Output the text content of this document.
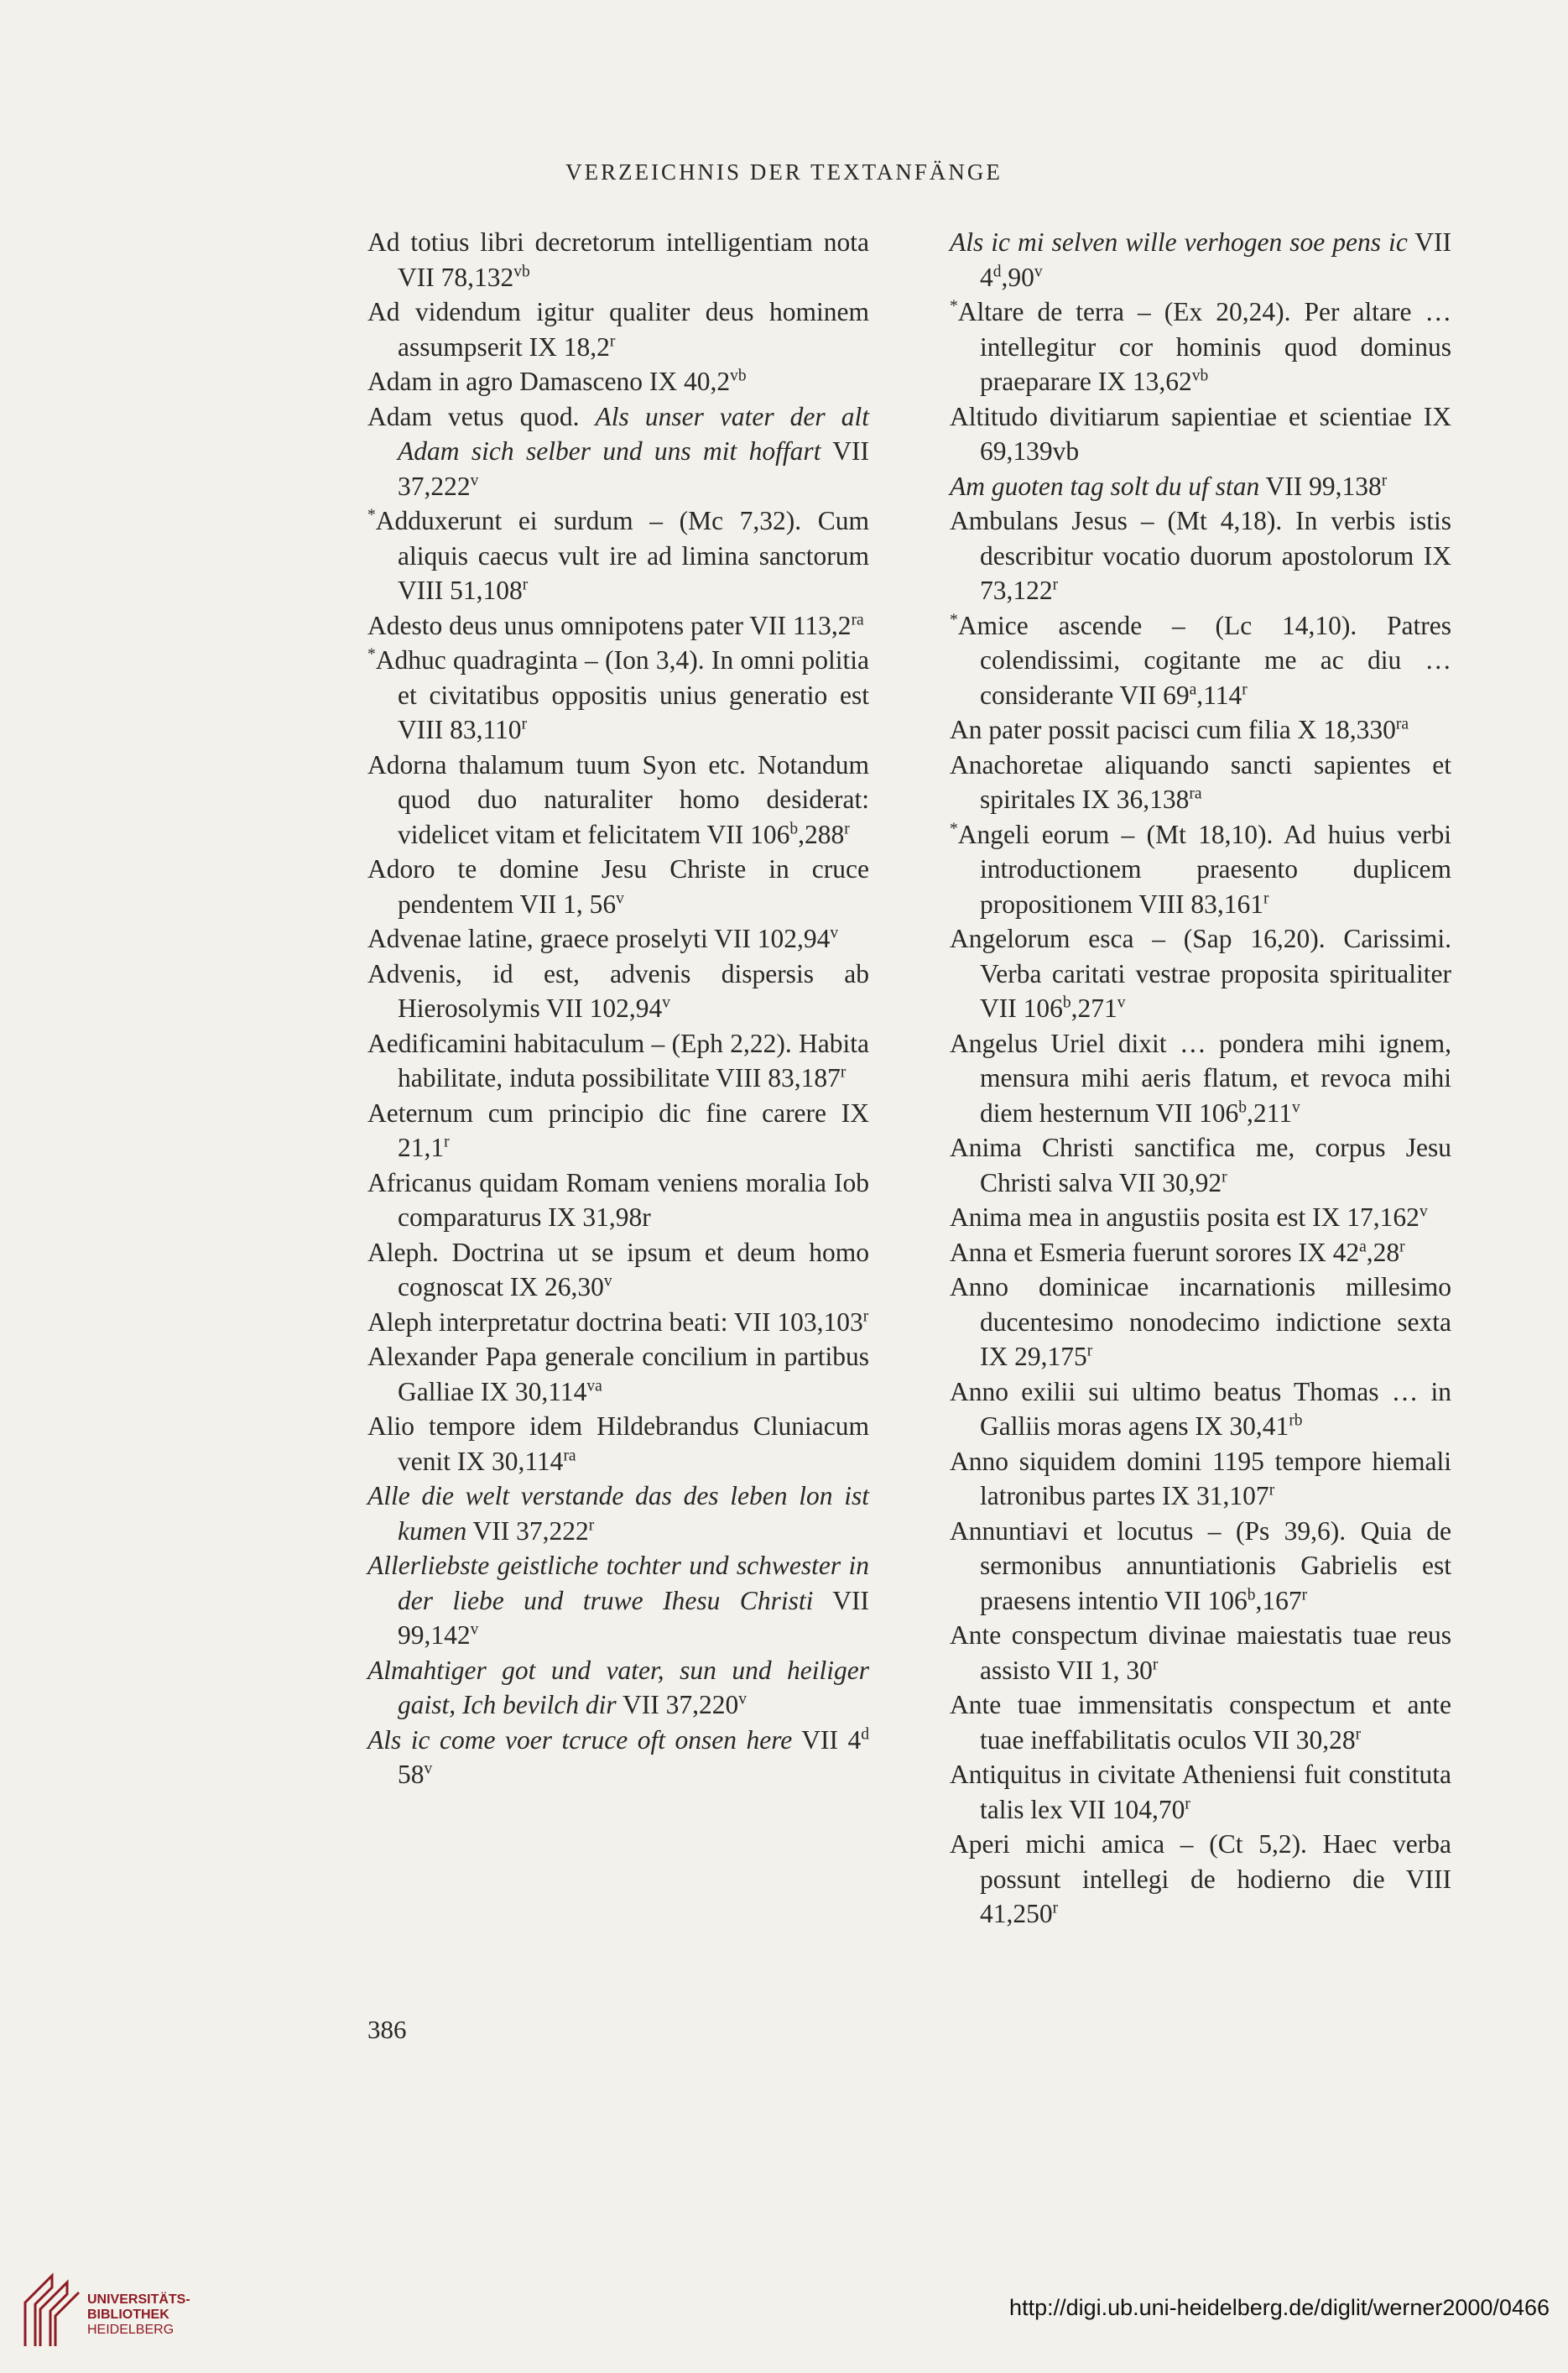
VERZEICHNIS DER TEXTANFÄNGE
Ad totius libri decretorum intelligentiam nota VII $78,132^{vb}$
Ad videndum igitur qualiter deus hominem assumpserit IX 18,2$^r$
Adam in agro Damasceno IX $40,2^{vb}$
Adam vetus quod. Als unser vater der alt Adam sich selber und uns mit hoffart VII 37,222$^v$
*Adduxerunt ei surdum – (Mc 7,32). Cum aliquis caecus vult ire ad limina sanctorum VIII 51,108$^r$
Adesto deus unus omnipotens pater VII $113,2^{ra}$
*Adhuc quadraginta – (Ion 3,4). In omni politia et civitatibus oppositis unius generatio est VIII 83,110$^r$
Adorna thalamum tuum Syon etc. Notandum quod duo naturaliter homo desiderat: videlicet vitam et felicitatem VII 106$^b$,288$^r$
Adoro te domine Jesu Christe in cruce pendentem VII 1, 56$^v$
Advenae latine, graece proselyti VII 102,94$^v$
Advenis, id est, advenis dispersis ab Hierosolymis VII 102,94$^v$
Aedificamini habitaculum – (Eph 2,22). Habita habilitate, induta possibilitate VIII 83,187$^r$
Aeternum cum principio dic fine carere IX 21,1$^r$
Africanus quidam Romam veniens moralia Iob comparaturus IX 31,98r
Aleph. Doctrina ut se ipsum et deum homo cognoscat IX 26,30$^v$
Aleph interpretatur doctrina beati: VII 103,103$^r$
Alexander Papa generale concilium in partibus Galliae IX $30,114^{va}$
Alio tempore idem Hildebrandus Cluniacum venit IX $30,114^{ra}$
Alle die welt verstande das des leben lon ist kumen VII 37,222$^r$
Allerliebste geistliche tochter und schwester in der liebe und truwe Ihesu Christi VII 99,142$^v$
Almahtiger got und vater, sun und heiliger gaist, Ich bevilch dir VII 37,220$^v$
Als ic come voer tcruce oft onsen here VII 4$^d$ 58$^v$
Als ic mi selven wille verhogen soe pens ic VII 4$^d$,90$^v$
*Altare de terra – (Ex 20,24). Per altare … intellegitur cor hominis quod dominus praeparare IX $13,62^{vb}$
Altitudo divitiarum sapientiae et scientiae IX 69,139vb
Am guoten tag solt du uf stan VII 99,138$^r$
Ambulans Jesus – (Mt 4,18). In verbis istis describitur vocatio duorum apostolorum IX 73,122$^r$
*Amice ascende – (Lc 14,10). Patres colendissimi, cogitante me ac diu … considerante VII 69$^a$,114$^r$
An pater possit pacisci cum filia X $18,330^{ra}$
Anachoretae aliquando sancti sapientes et spiritales IX $36,138^{ra}$
*Angeli eorum – (Mt 18,10). Ad huius verbi introductionem praesento duplicem propositionem VIII 83,161$^r$
Angelorum esca – (Sap 16,20). Carissimi. Verba caritati vestrae proposita spiritualiter VII 106$^b$,271$^v$
Angelus Uriel dixit … pondera mihi ignem, mensura mihi aeris flatum, et revoca mihi diem hesternum VII 106$^b$,211$^v$
Anima Christi sanctifica me, corpus Jesu Christi salva VII 30,92$^r$
Anima mea in angustiis posita est IX 17,162$^v$
Anna et Esmeria fuerunt sorores IX 42$^a$,28$^r$
Anno dominicae incarnationis millesimo ducentesimo nonodecimo indictione sexta IX 29,175$^r$
Anno exilii sui ultimo beatus Thomas … in Galliis moras agens IX $30,41^{rb}$
Anno siquidem domini 1195 tempore hiemali latronibus partes IX 31,107$^r$
Annuntiavi et locutus – (Ps 39,6). Quia de sermonibus annuntiationis Gabrielis est praesens intentio VII 106$^b$,167$^r$
Ante conspectum divinae maiestatis tuae reus assisto VII 1, 30$^r$
Ante tuae immensitatis conspectum et ante tuae ineffabilitatis oculos VII 30,28$^r$
Antiquitus in civitate Atheniensi fuit constituta talis lex VII 104,70$^r$
Aperi michi amica – (Ct 5,2). Haec verba possunt intellegi de hodierno die VIII 41,250$^r$
386
UNIVERSITÄTS-
BIBLIOTHEK
HEIDELBERG
http://digi.ub.uni-heidelberg.de/diglit/werner2000/0466
